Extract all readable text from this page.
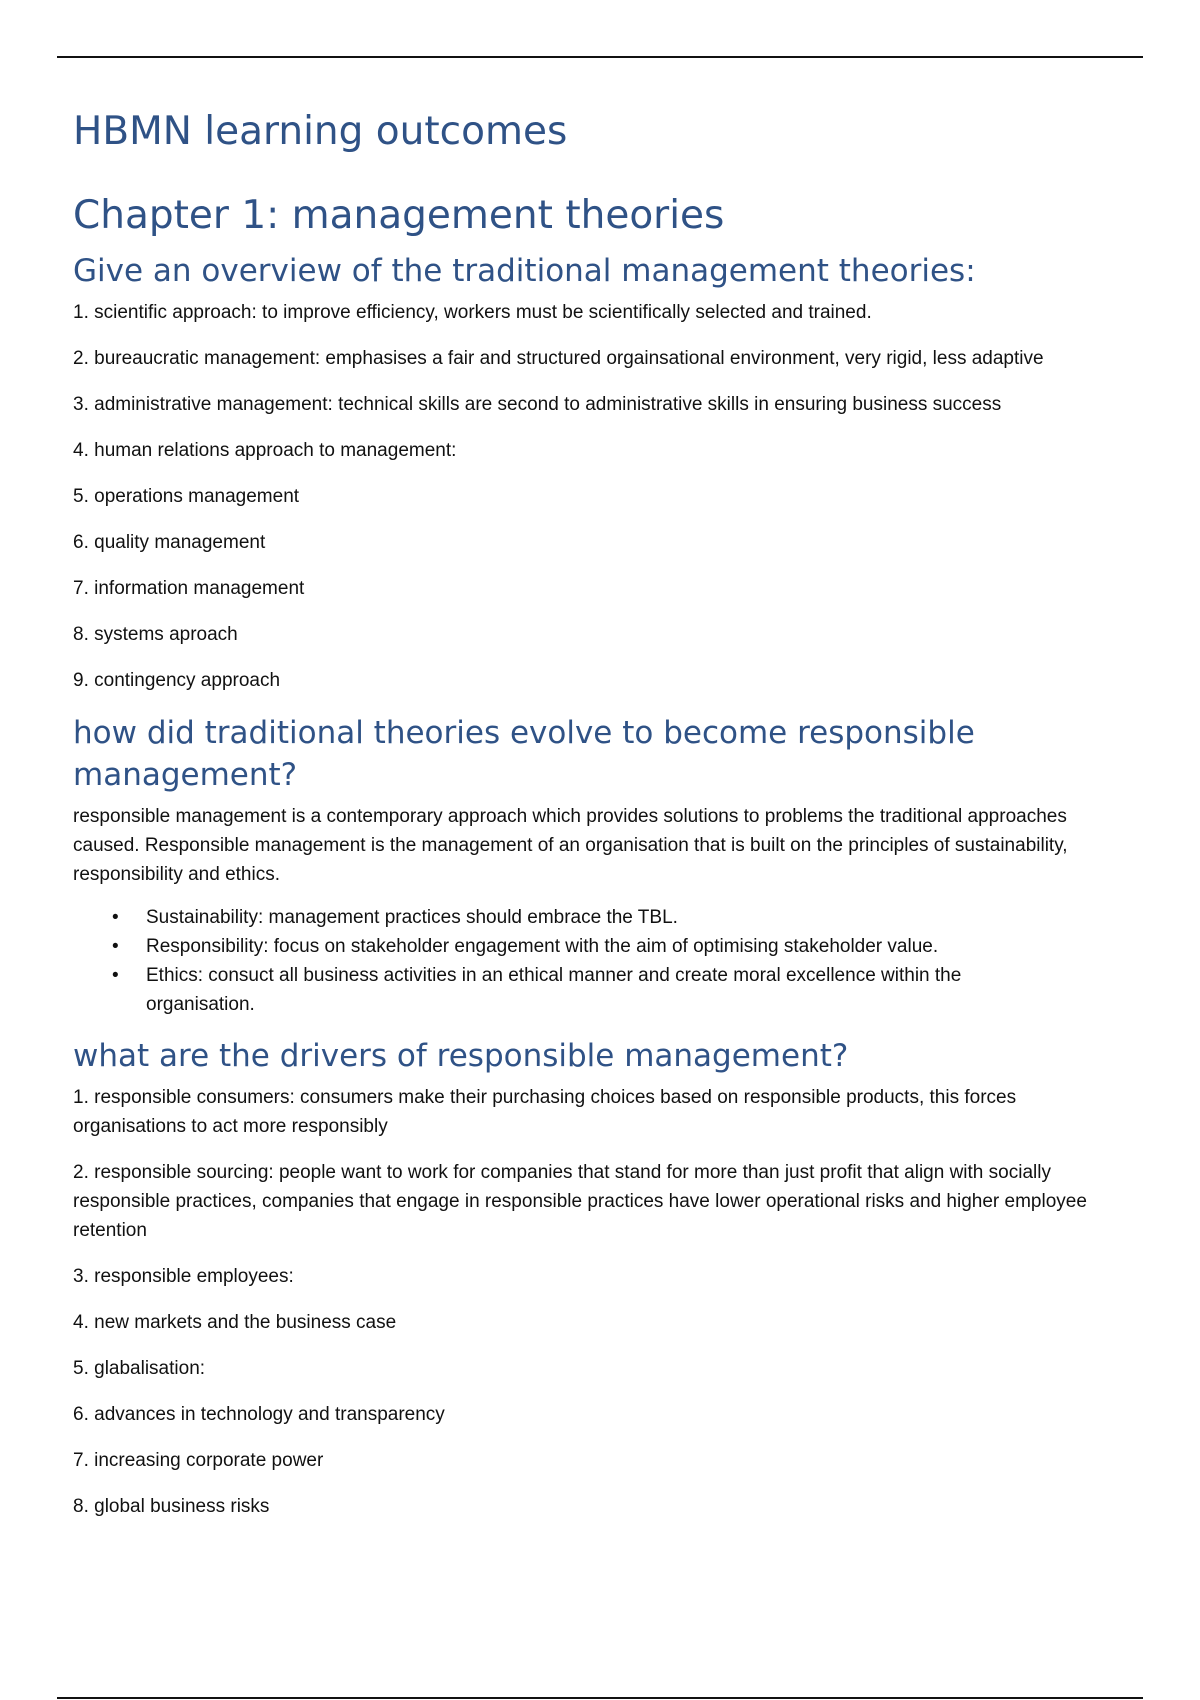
HBMN learning outcomes
Chapter 1: management theories
Give an overview of the traditional management theories:

1. scientific approach: to improve efficiency, workers must be scientifically selected and trained.

2. bureaucratic management: emphasises a fair and structured orgainsational environment, very rigid, less adaptive

3. administrative management: technical skills are second to administrative skills in ensuring business success

4. human relations approach to management:

5. operations management

6. quality management

7. information management

8. systems aproach

9. contingency approach

how did traditional theories evolve to become responsible management?

responsible management is a contemporary approach which provides solutions to problems the traditional approaches caused. Responsible management is the management of an organisation that is built on the principles of sustainability, responsibility and ethics.

• Sustainability: management practices should embrace the TBL.
• Responsibility: focus on stakeholder engagement with the aim of optimising stakeholder value.
• Ethics: consuct all business activities in an ethical manner and create moral excellence within the organisation.
what are the drivers of responsible management?

1. responsible consumers: consumers make their purchasing choices based on responsible products, this forces organisations to act more responsibly

2. responsible sourcing: people want to work for companies that stand for more than just profit that align with socially responsible practices, companies that engage in responsible practices have lower operational risks and higher employee retention

3. responsible employees:

4. new markets and the business case

5. glabalisation:

6. advances in technology and transparency

7. increasing corporate power

8. global business risks
